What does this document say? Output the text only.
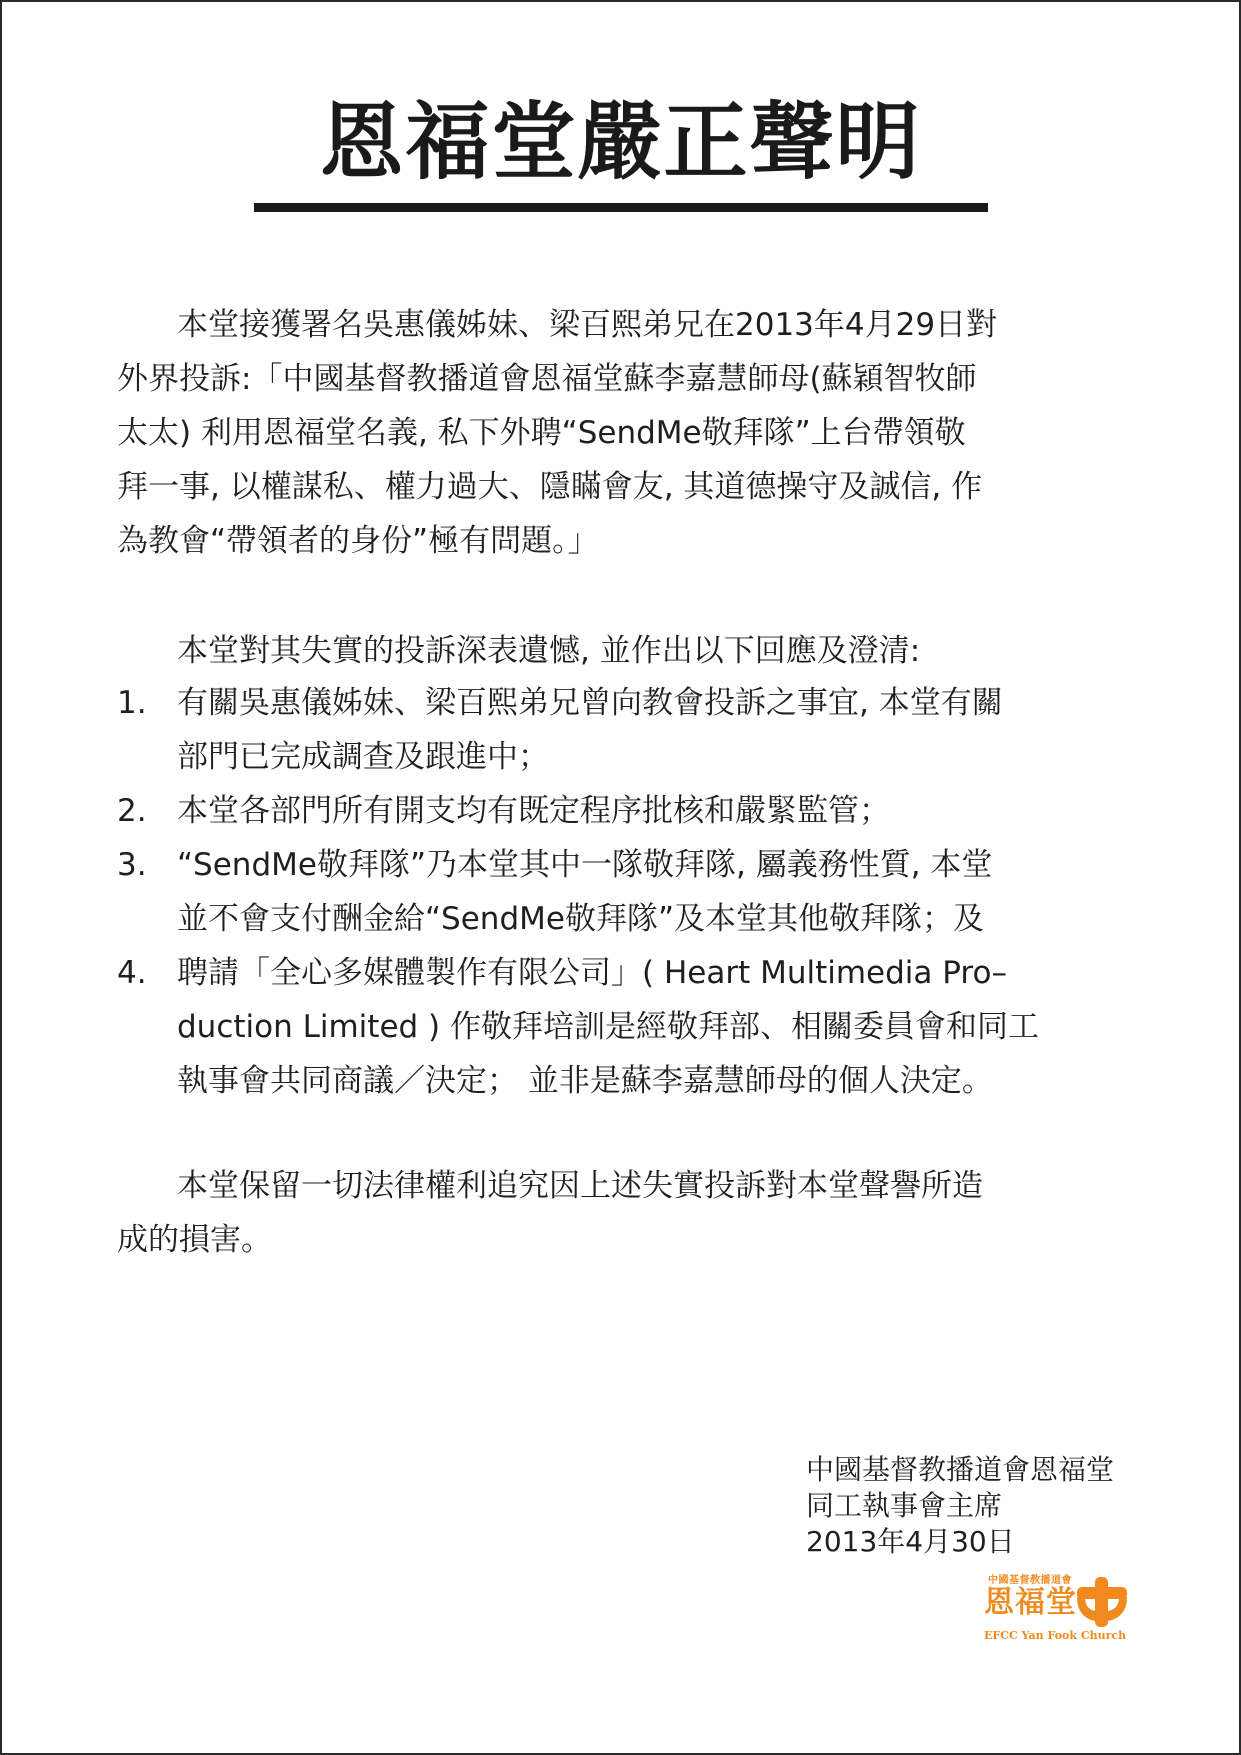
恩福堂嚴正聲明
本堂接獲署名吳惠儀姊妹、梁百熙弟兄在2013年4月29日對
外界投訴:「中國基督教播道會恩福堂蘇李嘉慧師母(蘇穎智牧師
太太) 利用恩福堂名義, 私下外聘“SendMe敬拜隊”上台帶領敬
拜一事, 以權謀私、權力過大、隱瞞會友, 其道德操守及誠信, 作
為教會“帶領者的身份”極有問題。」
本堂對其失實的投訴深表遺憾, 並作出以下回應及澄清:
1. 有關吳惠儀姊妹、梁百熙弟兄曾向教會投訴之事宜, 本堂有關
部門已完成調查及跟進中；
2. 本堂各部門所有開支均有既定程序批核和嚴緊監管；
3. “SendMe敬拜隊”乃本堂其中一隊敬拜隊, 屬義務性質, 本堂
並不會支付酬金給“SendMe敬拜隊”及本堂其他敬拜隊；及
4. 聘請「全心多媒體製作有限公司」( Heart Multimedia Pro–
duction Limited ) 作敬拜培訓是經敬拜部、相關委員會和同工
執事會共同商議／決定； 並非是蘇李嘉慧師母的個人決定。
本堂保留一切法律權利追究因上述失實投訴對本堂聲譽所造
成的損害。
中國基督教播道會恩福堂
同工執事會主席
2013年4月30日
中國基督教播道會
恩福堂
EFCC Yan Fook Church
